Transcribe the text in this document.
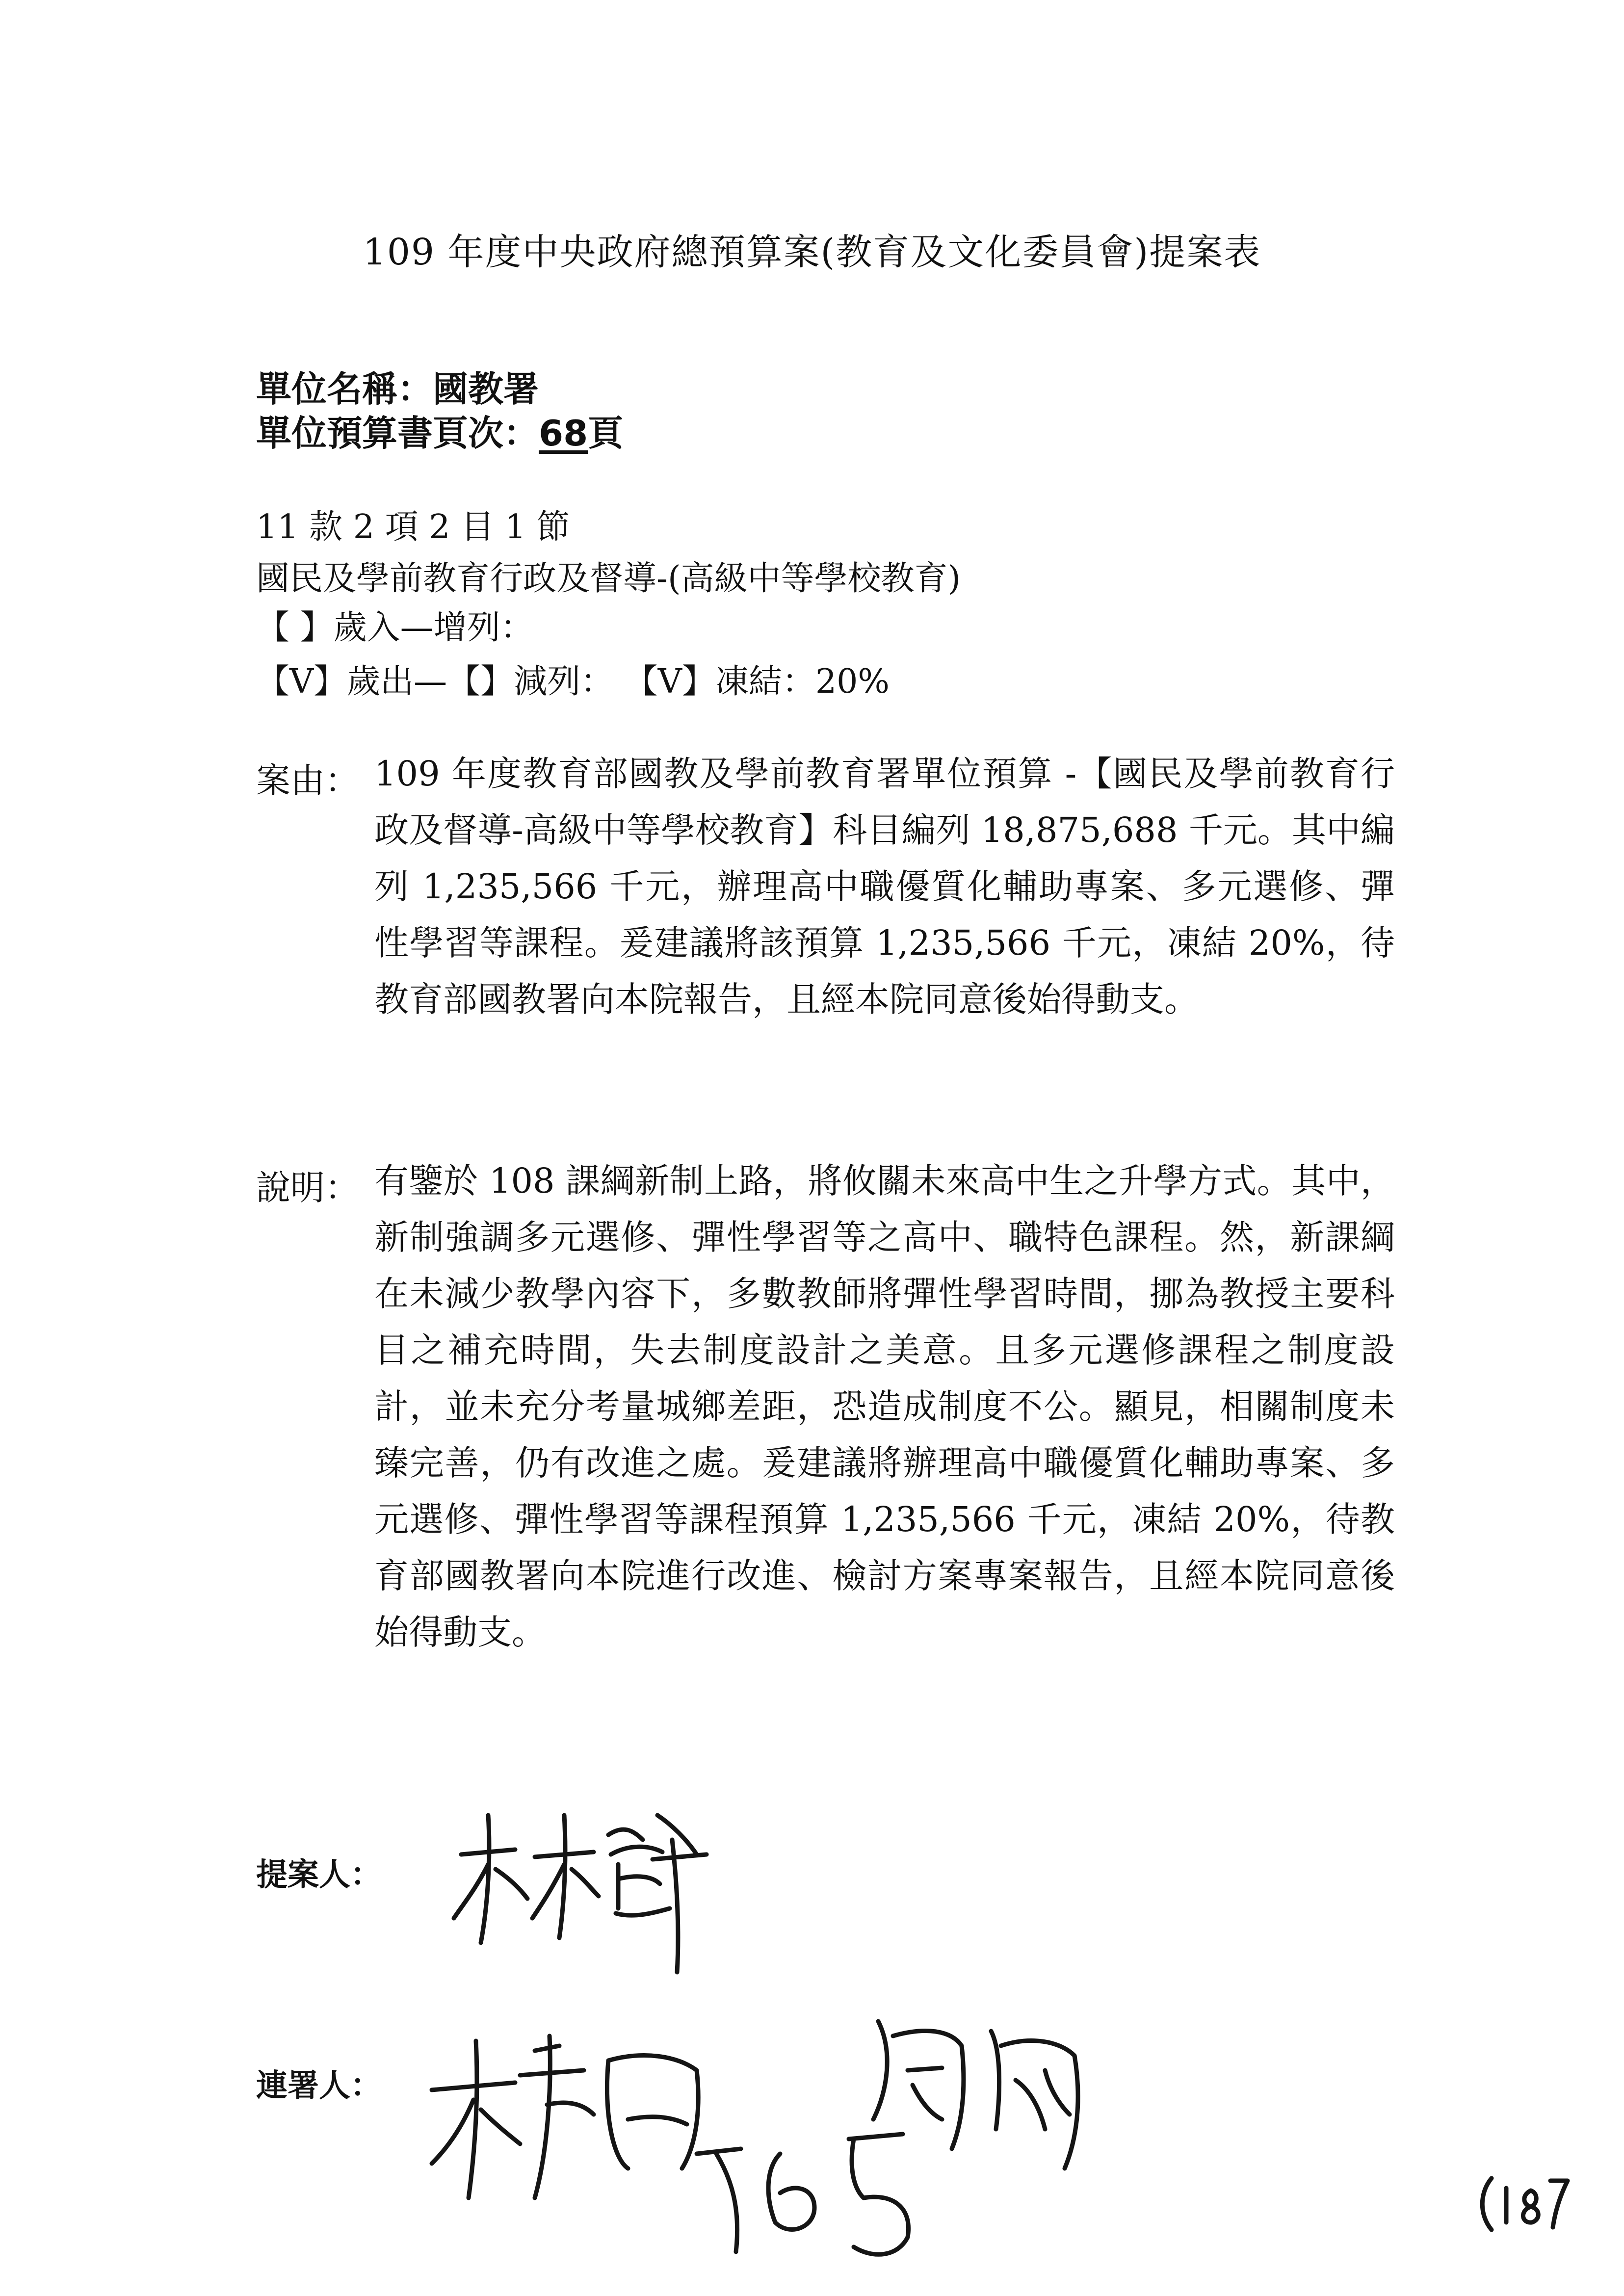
109 年度中央政府總預算案(教育及文化委員會)提案表
單位名稱：國教署
單位預算書頁次：68頁
11 款 2 項 2 目 1 節
國民及學前教育行政及督導-(高級中等學校教育)
【 】歲入—增列：
【V】歲出—【】減列： 【V】凍結：20%
案由： 109 年度教育部國教及學前教育署單位預算 -【國民及學前教育行政及督導-高級中等學校教育】科目編列 18,875,688 千元。其中編列 1,235,566 千元，辦理高中職優質化輔助專案、多元選修、彈性學習等課程。爰建議將該預算 1,235,566 千元，凍結 20%，待教育部國教署向本院報告，且經本院同意後始得動支。
說明： 有鑒於 108 課綱新制上路，將攸關未來高中生之升學方式。其中，新制強調多元選修、彈性學習等之高中、職特色課程。然，新課綱在未減少教學內容下，多數教師將彈性學習時間，挪為教授主要科目之補充時間，失去制度設計之美意。且多元選修課程之制度設計，並未充分考量城鄉差距，恐造成制度不公。顯見，相關制度未臻完善，仍有改進之處。爰建議將辦理高中職優質化輔助專案、多元選修、彈性學習等課程預算 1,235,566 千元，凍結 20%，待教育部國教署向本院進行改進、檢討方案專案報告，且經本院同意後始得動支。
提案人：
連署人：
